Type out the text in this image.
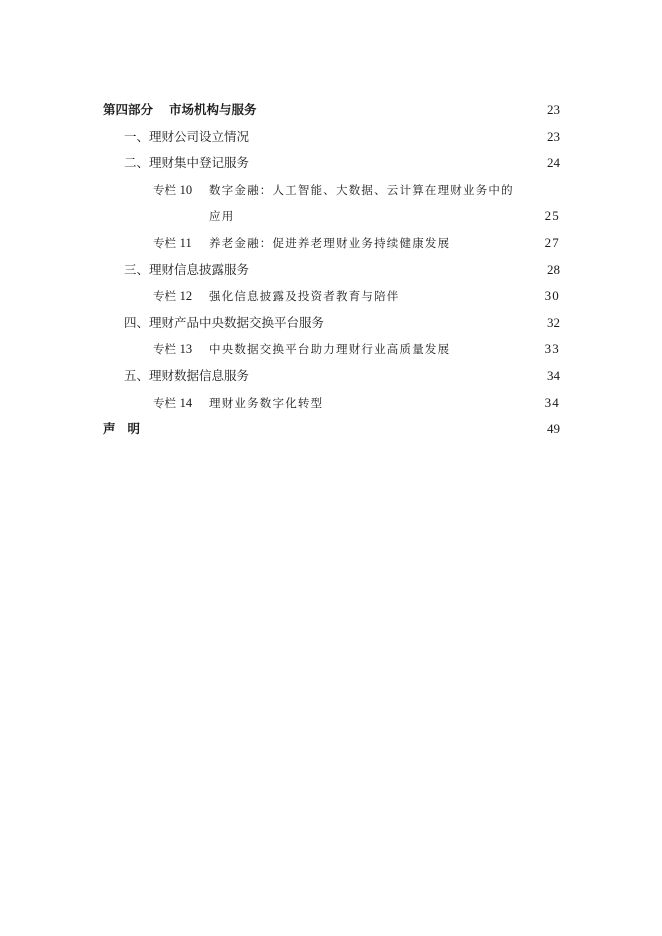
第四部分 市场机构与服务	23
一、理财公司设立情况	23
二、理财集中登记服务	24
专栏 10 数字金融：人工智能、大数据、云计算在理财业务中的
应用	25
专栏 11 养老金融：促进养老理财业务持续健康发展	27
三、理财信息披露服务	28
专栏 12 强化信息披露及投资者教育与陪伴	30
四、理财产品中央数据交换平台服务	32
专栏 13 中央数据交换平台助力理财行业高质量发展	33
五、理财数据信息服务	34
专栏 14 理财业务数字化转型	34
声 明	49
